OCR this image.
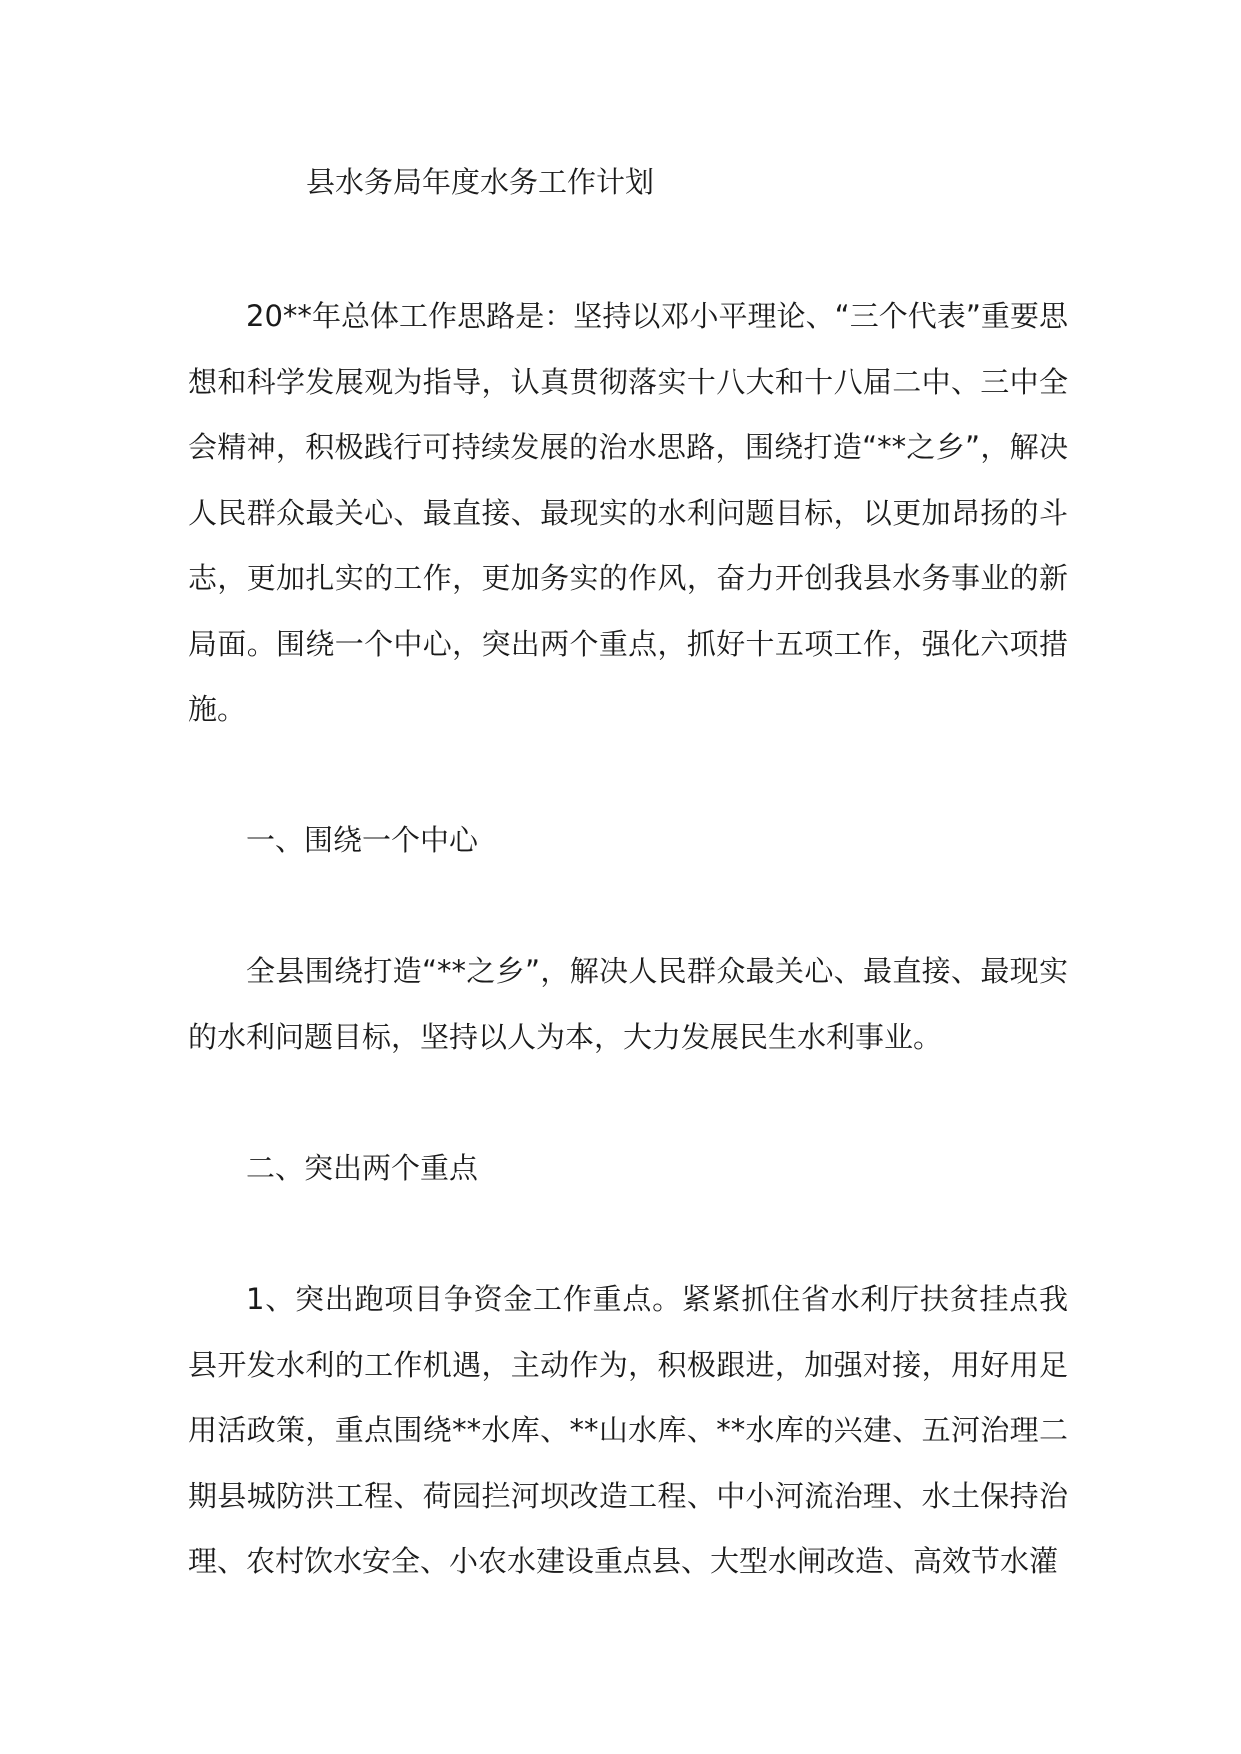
县水务局年度水务工作计划

20**年总体工作思路是：坚持以邓小平理论、“三个代表”重要思想和科学发展观为指导，认真贯彻落实十八大和十八届二中、三中全会精神，积极践行可持续发展的治水思路，围绕打造“**之乡”，解决人民群众最关心、最直接、最现实的水利问题目标，以更加昂扬的斗志，更加扎实的工作，更加务实的作风，奋力开创我县水务事业的新局面。围绕一个中心，突出两个重点，抓好十五项工作，强化六项措施。

一、围绕一个中心

全县围绕打造“**之乡”，解决人民群众最关心、最直接、最现实的水利问题目标，坚持以人为本，大力发展民生水利事业。

二、突出两个重点

1、突出跑项目争资金工作重点。紧紧抓住省水利厅扶贫挂点我县开发水利的工作机遇，主动作为，积极跟进，加强对接，用好用足用活政策，重点围绕**水库、**山水库、**水库的兴建、五河治理二期县城防洪工程、荷园拦河坝改造工程、中小河流治理、水土保持治理、农村饮水安全、小农水建设重点县、大型水闸改造、高效节水灌
